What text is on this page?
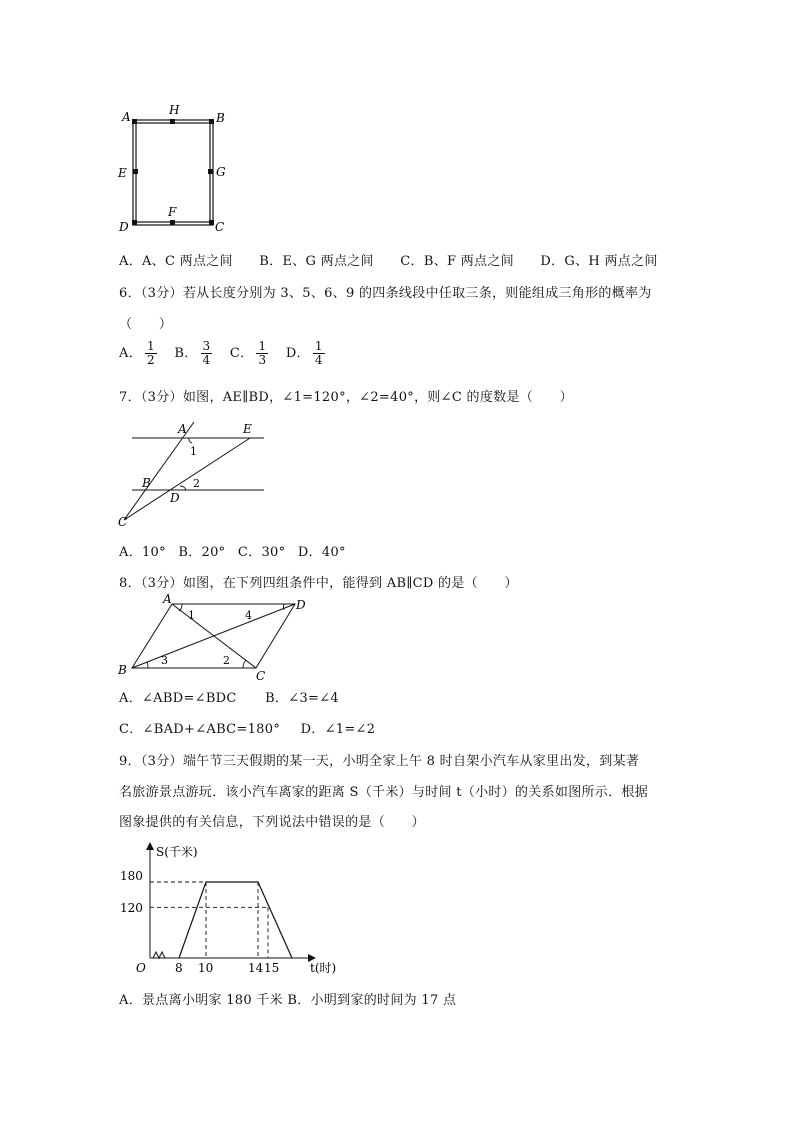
A	H
B
E	G
D
F
C
A．A、C 两点之间 B．E、G 两点之间 C．B、F 两点之间 D．G、H 两点之间
6．（3分）若从长度分别为 3、5、6、9 的四条线段中任取三条，则能组成三角形的概率为
（　　）
A． $\frac{1}{2}$ B． $\frac{3}{4}$ C． $\frac{1}{3}$ D． $\frac{1}{4}$
7．（3分）如图，AE∥BD，∠1=120°，∠2=40°，则∠C 的度数是（　　）
A	E
1
B
D
2
C
A．10° B．20° C．30° D．40°
8．（3分）如图，在下列四组条件中，能得到 AB∥CD 的是（　　）
A	D
B	C
1	4
3	2
A．∠ABD=∠BDC B．∠3=∠4
C．∠BAD+∠ABC=180° D．∠1=∠2
9．（3分）端午节三天假期的某一天，小明全家上午 8 时自架小汽车从家里出发，到某著
名旅游景点游玩．该小汽车离家的距离 S（千米）与时间 t（小时）的关系如图所示．根据
图象提供的有关信息，下列说法中错误的是（　　）
S(千米)
t(时)
O
180
120
8 10	14 15
A．景点离小明家 180 千米 B．小明到家的时间为 17 点
